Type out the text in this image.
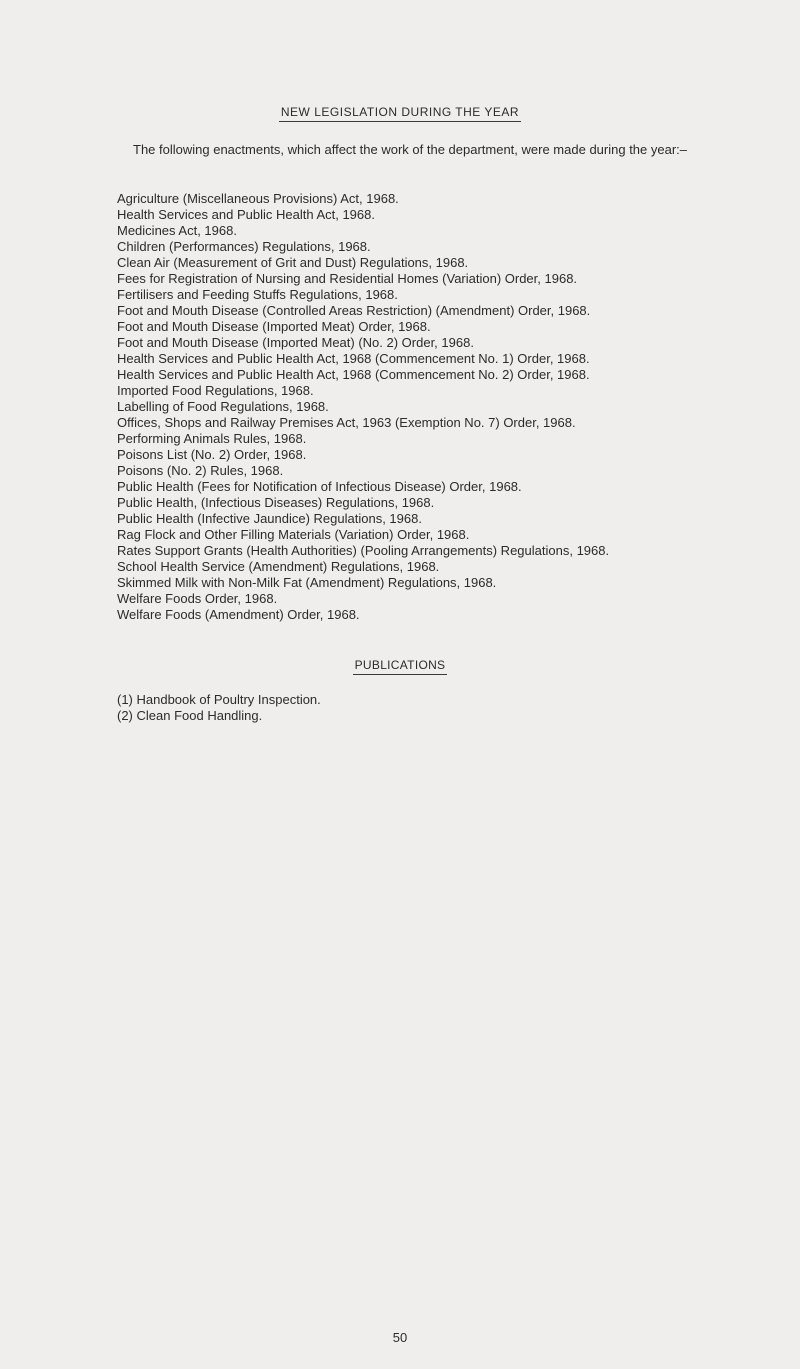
NEW LEGISLATION DURING THE YEAR

The following enactments, which affect the work of the department, were made during the year:–

Agriculture (Miscellaneous Provisions) Act, 1968.
Health Services and Public Health Act, 1968.
Medicines Act, 1968.
Children (Performances) Regulations, 1968.
Clean Air (Measurement of Grit and Dust) Regulations, 1968.
Fees for Registration of Nursing and Residential Homes (Variation) Order, 1968.
Fertilisers and Feeding Stuffs Regulations, 1968.
Foot and Mouth Disease (Controlled Areas Restriction) (Amendment) Order, 1968.
Foot and Mouth Disease (Imported Meat) Order, 1968.
Foot and Mouth Disease (Imported Meat) (No. 2) Order, 1968.
Health Services and Public Health Act, 1968 (Commencement No. 1) Order, 1968.
Health Services and Public Health Act, 1968 (Commencement No. 2) Order, 1968.
Imported Food Regulations, 1968.
Labelling of Food Regulations, 1968.
Offices, Shops and Railway Premises Act, 1963 (Exemption No. 7) Order, 1968.
Performing Animals Rules, 1968.
Poisons List (No. 2) Order, 1968.
Poisons (No. 2) Rules, 1968.
Public Health (Fees for Notification of Infectious Disease) Order, 1968.
Public Health, (Infectious Diseases) Regulations, 1968.
Public Health (Infective Jaundice) Regulations, 1968.
Rag Flock and Other Filling Materials (Variation) Order, 1968.
Rates Support Grants (Health Authorities) (Pooling Arrangements) Regulations, 1968.
School Health Service (Amendment) Regulations, 1968.
Skimmed Milk with Non-Milk Fat (Amendment) Regulations, 1968.
Welfare Foods Order, 1968.
Welfare Foods (Amendment) Order, 1968.
PUBLICATIONS
(1) Handbook of Poultry Inspection.
(2) Clean Food Handling.
50
